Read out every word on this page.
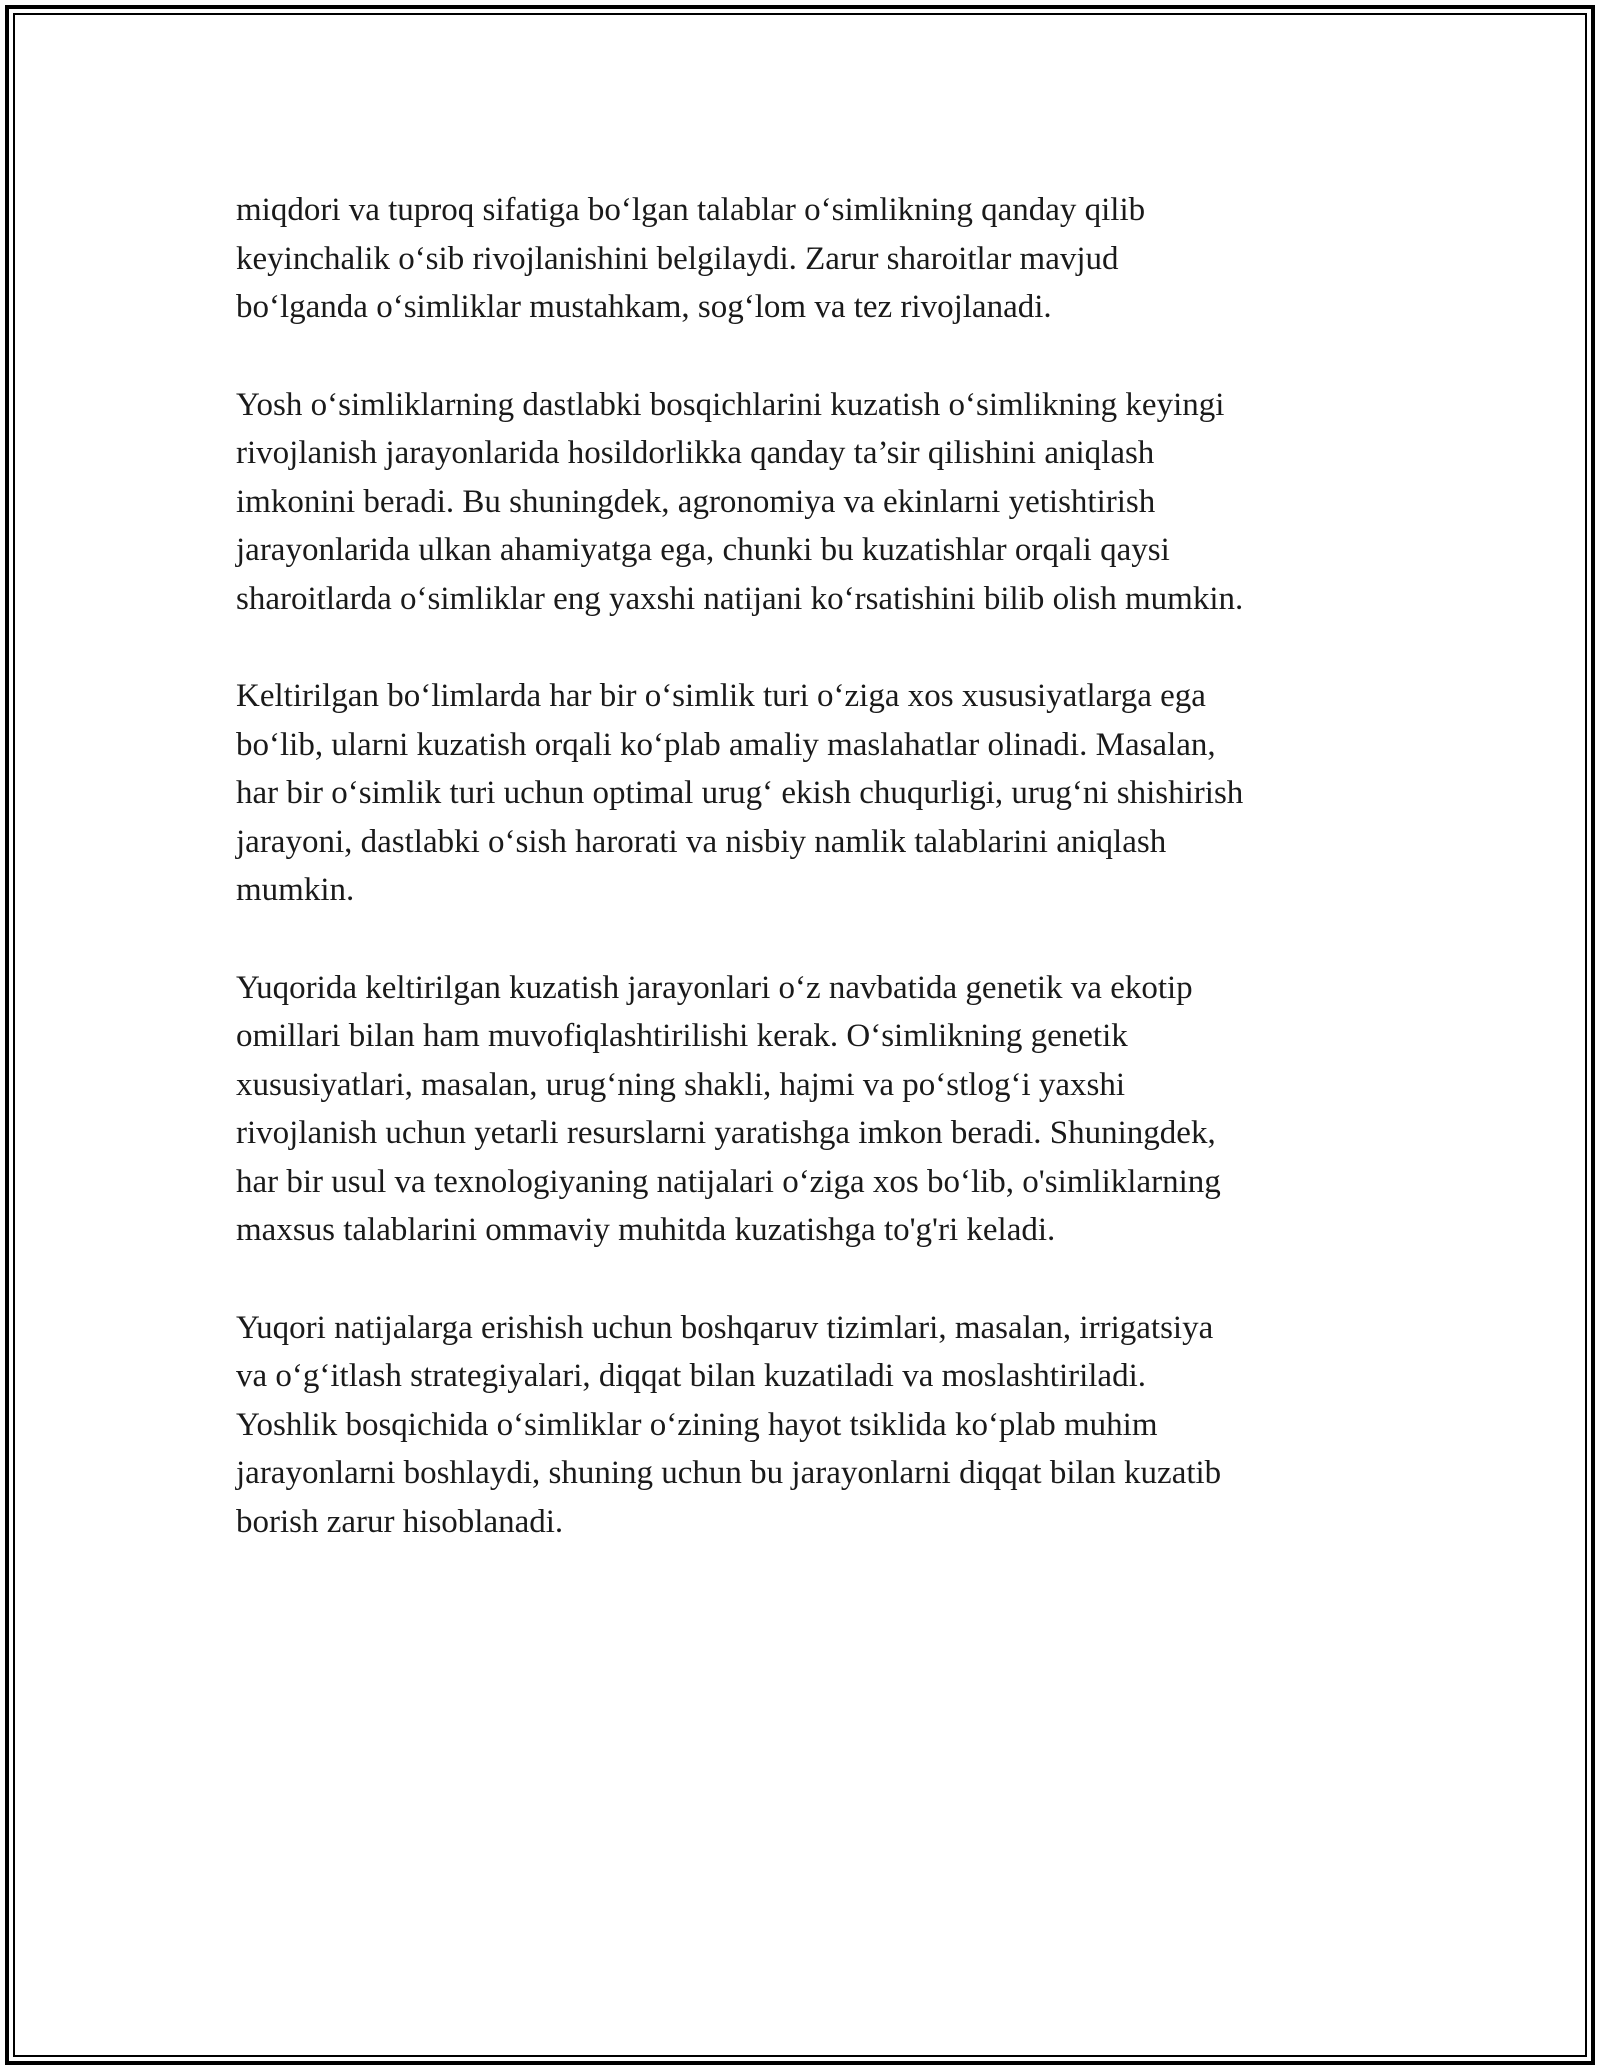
miqdori va tuproq sifatiga bo‘lgan talablar o‘simlikning qanday qilib
keyinchalik o‘sib rivojlanishini belgilaydi. Zarur sharoitlar mavjud
bo‘lganda o‘simliklar mustahkam, sog‘lom va tez rivojlanadi.

Yosh o‘simliklarning dastlabki bosqichlarini kuzatish o‘simlikning keyingi
rivojlanish jarayonlarida hosildorlikka qanday ta’sir qilishini aniqlash
imkonini beradi. Bu shuningdek, agronomiya va ekinlarni yetishtirish
jarayonlarida ulkan ahamiyatga ega, chunki bu kuzatishlar orqali qaysi
sharoitlarda o‘simliklar eng yaxshi natijani ko‘rsatishini bilib olish mumkin.

Keltirilgan bo‘limlarda har bir o‘simlik turi o‘ziga xos xususiyatlarga ega
bo‘lib, ularni kuzatish orqali ko‘plab amaliy maslahatlar olinadi. Masalan,
har bir o‘simlik turi uchun optimal urug‘ ekish chuqurligi, urug‘ni shishirish
jarayoni, dastlabki o‘sish harorati va nisbiy namlik talablarini aniqlash
mumkin.

Yuqorida keltirilgan kuzatish jarayonlari o‘z navbatida genetik va ekotip
omillari bilan ham muvofiqlashtirilishi kerak. O‘simlikning genetik
xususiyatlari, masalan, urug‘ning shakli, hajmi va po‘stlog‘i yaxshi
rivojlanish uchun yetarli resurslarni yaratishga imkon beradi. Shuningdek,
har bir usul va texnologiyaning natijalari o‘ziga xos bo‘lib, o'simliklarning
maxsus talablarini ommaviy muhitda kuzatishga to'g'ri keladi.

Yuqori natijalarga erishish uchun boshqaruv tizimlari, masalan, irrigatsiya
va o‘g‘itlash strategiyalari, diqqat bilan kuzatiladi va moslashtiriladi.
Yoshlik bosqichida o‘simliklar o‘zining hayot tsiklida ko‘plab muhim
jarayonlarni boshlaydi, shuning uchun bu jarayonlarni diqqat bilan kuzatib
borish zarur hisoblanadi.
